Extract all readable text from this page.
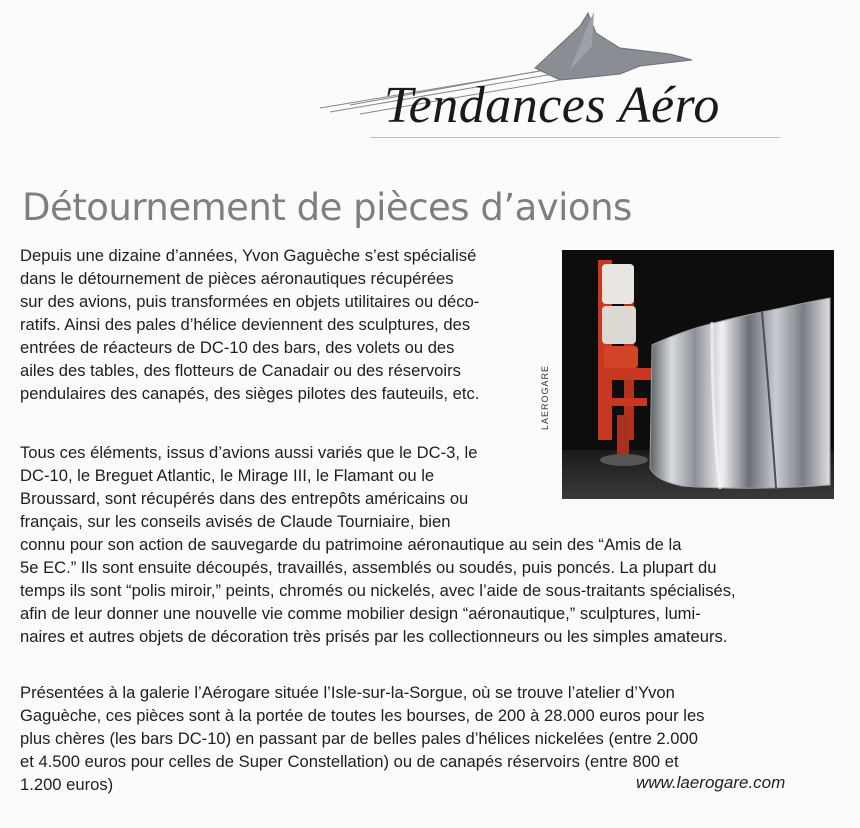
Tendances Aéro
Détournement de pièces d’avions
Depuis une dizaine d’années, Yvon Gaguèche s’est spécialisé
dans le détournement de pièces aéronautiques récupérées
sur des avions, puis transformées en objets utilitaires ou déco-
ratifs. Ainsi des pales d’hélice deviennent des sculptures, des
entrées de réacteurs de DC-10 des bars, des volets ou des
ailes des tables, des flotteurs de Canadair ou des réservoirs
pendulaires des canapés, des sièges pilotes des fauteuils, etc.
Tous ces éléments, issus d’avions aussi variés que le DC-3, le
DC-10, le Breguet Atlantic, le Mirage III, le Flamant ou le
Broussard, sont récupérés dans des entrepôts américains ou
français, sur les conseils avisés de Claude Tourniaire, bien
connu pour son action de sauvegarde du patrimoine aéronautique au sein des “Amis de la
5e EC.” Ils sont ensuite découpés, travaillés, assemblés ou soudés, puis poncés. La plupart du
temps ils sont “polis miroir,” peints, chromés ou nickelés, avec l’aide de sous-traitants spécialisés,
afin de leur donner une nouvelle vie comme mobilier design “aéronautique,” sculptures, lumi-
naires et autres objets de décoration très prisés par les collectionneurs ou les simples amateurs.
Présentées à la galerie l’Aérogare située l’Isle-sur-la-Sorgue, où se trouve l’atelier d’Yvon
Gaguèche, ces pièces sont à la portée de toutes les bourses, de 200 à 28.000 euros pour les
plus chères (les bars DC-10) en passant par de belles pales d’hélices nickelées (entre 2.000
et 4.500 euros pour celles de Super Constellation) ou de canapés réservoirs (entre 800 et
1.200 euros)	www.laerogare.com
LAEROGARE
